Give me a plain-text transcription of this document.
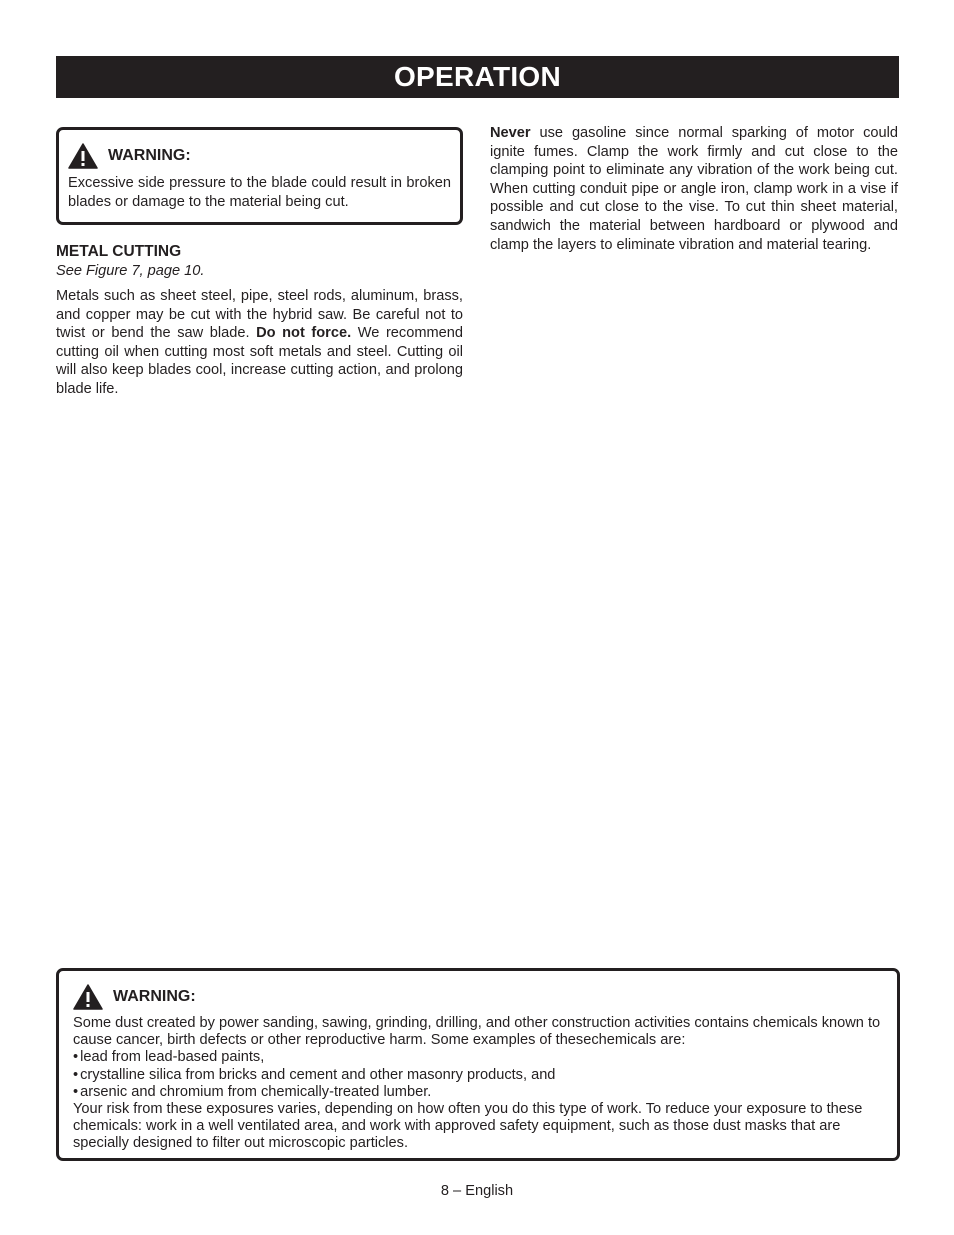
OPERATION
WARNING:
Excessive side pressure to the blade could result in broken blades or damage to the material being cut.
METAL CUTTING

See Figure 7, page 10.

Metals such as sheet steel, pipe, steel rods, aluminum, brass, and copper may be cut with the hybrid saw. Be careful not to twist or bend the saw blade. Do not force. We recommend cutting oil when cutting most soft metals and steel. Cutting oil will also keep blades cool, increase cutting action, and prolong blade life.

Never use gasoline since normal sparking of motor could ignite fumes. Clamp the work firmly and cut close to the clamping point to eliminate any vibration of the work being cut. When cutting conduit pipe or angle iron, clamp work in a vise if possible and cut close to the vise. To cut thin sheet material, sandwich the material between hardboard or plywood and clamp the layers to eliminate vibration and material tearing.

WARNING:

Some dust created by power sanding, sawing, grinding, drilling, and other construction activities contains chemicals known to cause cancer, birth defects or other reproductive harm. Some examples of thesechemicals are:

• lead from lead-based paints,
• crystalline silica from bricks and cement and other masonry products, and
• arsenic and chromium from chemically-treated lumber.

Your risk from these exposures varies, depending on how often you do this type of work. To reduce your exposure to these chemicals: work in a well ventilated area, and work with approved safety equipment, such as those dust masks that are specially designed to filter out microscopic particles.

8 – English
